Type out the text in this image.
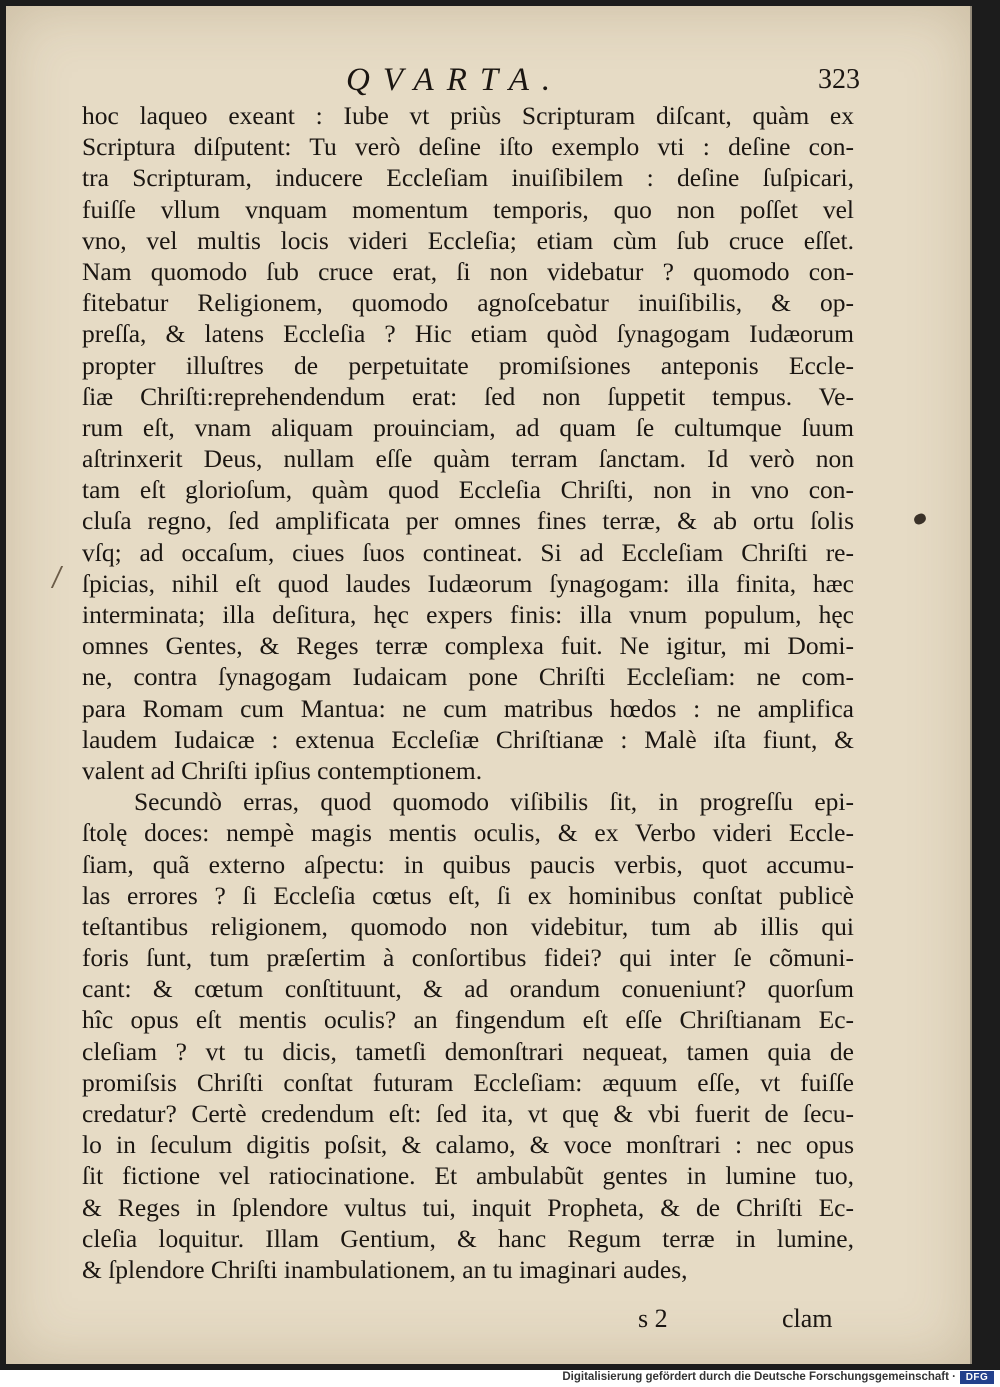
QVARTA.	323
hoc laqueo exeant : Iube vt priùs Scripturam diſcant, quàm ex
Scriptura diſputent: Tu verò deſine iſto exemplo vti : deſine con-
tra Scripturam, inducere Eccleſiam inuiſibilem : deſine ſuſpicari,
fuiſſe vllum vnquam momentum temporis, quo non poſſet vel
vno, vel multis locis videri Eccleſia; etiam cùm ſub cruce eſſet.
Nam quomodo ſub cruce erat, ſi non videbatur ? quomodo con-
fitebatur Religionem, quomodo agnoſcebatur inuiſibilis, & op-
preſſa, & latens Eccleſia ? Hic etiam quòd ſynagogam Iudæorum
propter illuſtres de perpetuitate promiſsiones anteponis Eccle-
ſiæ Chriſti:reprehendendum erat: ſed non ſuppetit tempus. Ve-
rum eſt, vnam aliquam prouinciam, ad quam ſe cultumque ſuum
aſtrinxerit Deus, nullam eſſe quàm terram ſanctam. Id verò non
tam eſt glorioſum, quàm quod Eccleſia Chriſti, non in vno con-
cluſa regno, ſed amplificata per omnes fines terræ, & ab ortu ſolis
vſq; ad occaſum, ciues ſuos contineat. Si ad Eccleſiam Chriſti re-
ſpicias, nihil eſt quod laudes Iudæorum ſynagogam: illa finita, hæc
interminata; illa deſitura, hęc expers finis: illa vnum populum, hęc
omnes Gentes, & Reges terræ complexa fuit. Ne igitur, mi Domi-
ne, contra ſynagogam Iudaicam pone Chriſti Eccleſiam: ne com-
para Romam cum Mantua: ne cum matribus hœdos : ne amplifica
laudem Iudaicæ : extenua Eccleſiæ Chriſtianæ : Malè iſta fiunt, &
valent ad Chriſti ipſius contemptionem.
Secundò erras, quod quomodo viſibilis ſit, in progreſſu epi-
ſtolę doces: nempè magis mentis oculis, & ex Verbo videri Eccle-
ſiam, quã externo aſpectu: in quibus paucis verbis, quot accumu-
las errores ? ſi Eccleſia cœtus eſt, ſi ex hominibus conſtat publicè
teſtantibus religionem, quomodo non videbitur, tum ab illis qui
foris ſunt, tum præſertim à conſortibus fidei? qui inter ſe cõmuni-
cant: & cœtum conſtituunt, & ad orandum conueniunt? quorſum
hîc opus eſt mentis oculis? an fingendum eſt eſſe Chriſtianam Ec-
cleſiam ? vt tu dicis, tametſi demonſtrari nequeat, tamen quia de
promiſsis Chriſti conſtat futuram Eccleſiam: æquum eſſe, vt fuiſſe
credatur? Certè credendum eſt: ſed ita, vt quę & vbi fuerit de ſecu-
lo in ſeculum digitis poſsit, & calamo, & voce monſtrari : nec opus
ſit fictione vel ratiocinatione. Et ambulabũt gentes in lumine tuo,
& Reges in ſplendore vultus tui, inquit Propheta, & de Chriſti Ec-
cleſia loquitur. Illam Gentium, & hanc Regum terræ in lumine,
& ſplendore Chriſti inambulationem, an tu imaginari audes,
s 2	clam
Digitalisierung gefördert durch die Deutsche Forschungsgemeinschaft · DFG
